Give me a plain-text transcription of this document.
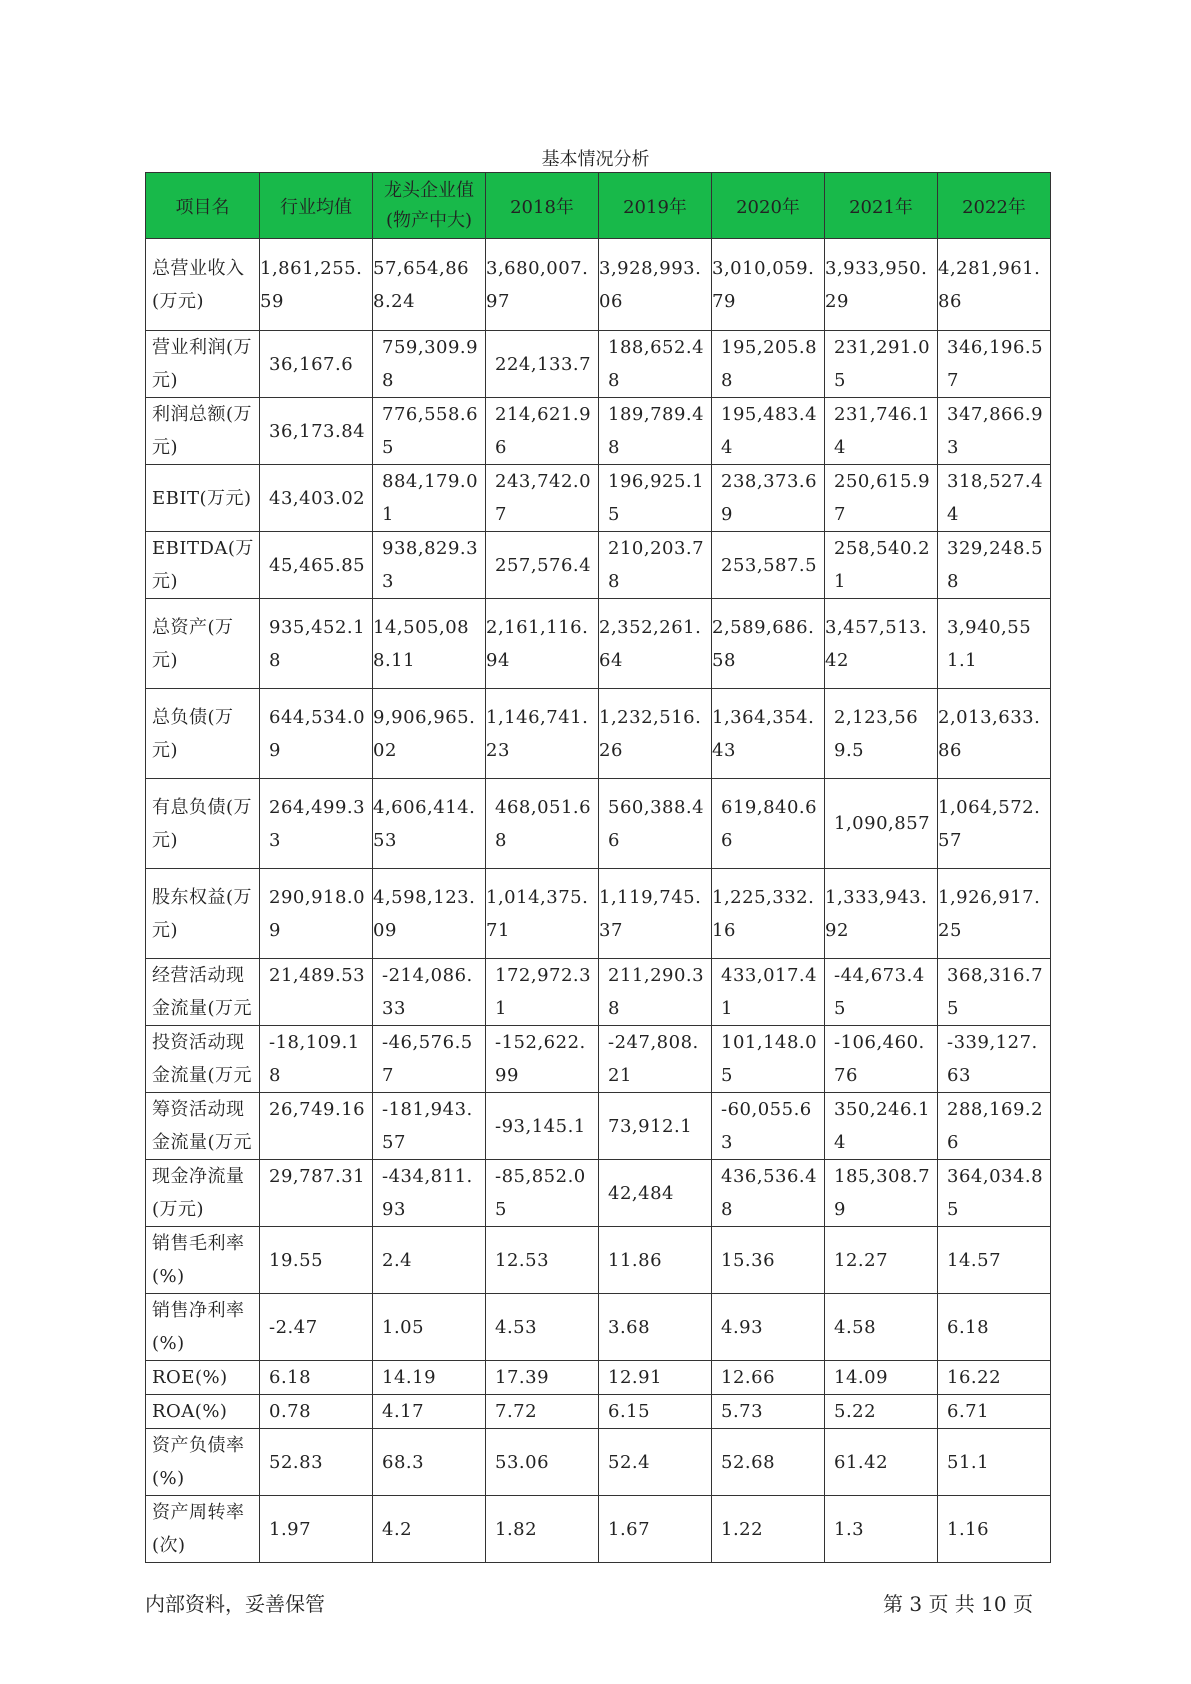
基本情况分析
项目名	行业均值	龙头企业值(物产中大)	2018年	2019年	2020年	2021年	2022年
总营业收入(万元)	1,861,255.59	57,654,868.24	3,680,007.97	3,928,993.06	3,010,059.79	3,933,950.29	4,281,961.86
营业利润(万元)	36,167.6	759,309.98	224,133.7	188,652.48	195,205.88	231,291.05	346,196.57
利润总额(万元)	36,173.84	776,558.65	214,621.96	189,789.48	195,483.44	231,746.14	347,866.93
EBIT(万元)	43,403.02	884,179.01	243,742.07	196,925.15	238,373.69	250,615.97	318,527.44
EBITDA(万元)	45,465.85	938,829.33	257,576.4	210,203.78	253,587.5	258,540.21	329,248.58
总资产(万元)	935,452.18	14,505,088.11	2,161,116.94	2,352,261.64	2,589,686.58	3,457,513.42	3,940,551.1
总负债(万元)	644,534.09	9,906,965.02	1,146,741.23	1,232,516.26	1,364,354.43	2,123,569.5	2,013,633.86
有息负债(万元)	264,499.33	4,606,414.53	468,051.68	560,388.46	619,840.66	1,090,857	1,064,572.57
股东权益(万元)	290,918.09	4,598,123.09	1,014,375.71	1,119,745.37	1,225,332.16	1,333,943.92	1,926,917.25
经营活动现金流量(万元	21,489.53	-214,086.33	172,972.31	211,290.38	433,017.41	-44,673.45	368,316.75
投资活动现金流量(万元	-18,109.18	-46,576.57	-152,622.99	-247,808.21	101,148.05	-106,460.76	-339,127.63
筹资活动现金流量(万元	26,749.16	-181,943.57	-93,145.1	73,912.1	-60,055.63	350,246.14	288,169.26
现金净流量(万元)	29,787.31	-434,811.93	-85,852.05	42,484	436,536.48	185,308.79	364,034.85
销售毛利率(%)	19.55	2.4	12.53	11.86	15.36	12.27	14.57
销售净利率(%)	-2.47	1.05	4.53	3.68	4.93	4.58	6.18
ROE(%)	6.18	14.19	17.39	12.91	12.66	14.09	16.22
ROA(%)	0.78	4.17	7.72	6.15	5.73	5.22	6.71
资产负债率(%)	52.83	68.3	53.06	52.4	52.68	61.42	51.1
资产周转率(次)	1.97	4.2	1.82	1.67	1.22	1.3	1.16
内部资料，妥善保管	第 3 页 共 10 页
